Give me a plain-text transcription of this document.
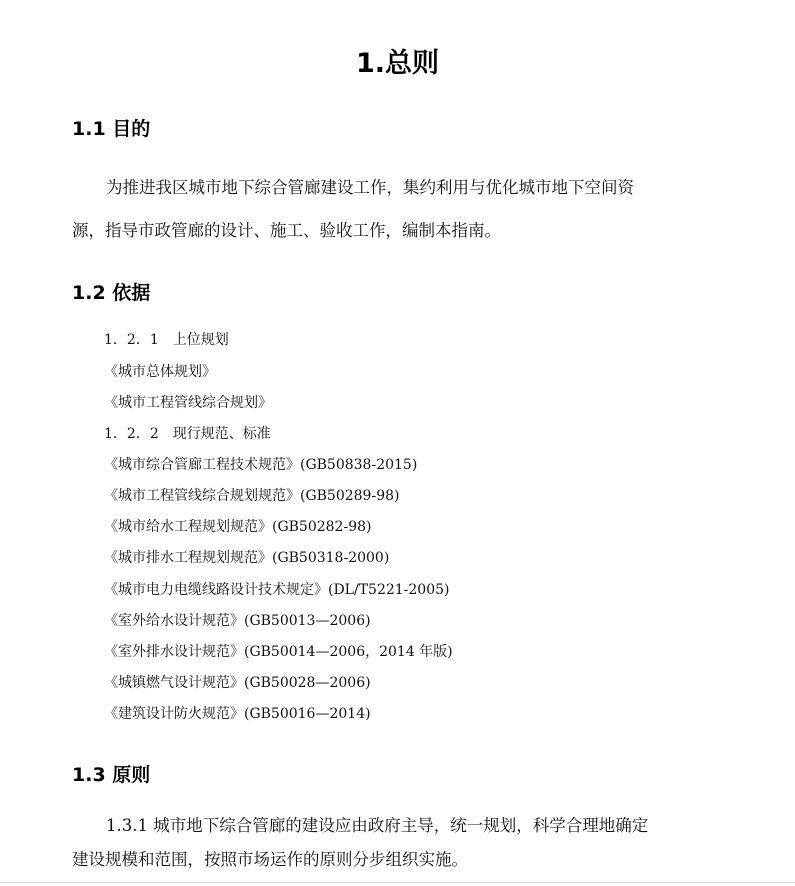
1.总则
1.1 目的
为推进我区城市地下综合管廊建设工作，集约利用与优化城市地下空间资
源，指导市政管廊的设计、施工、验收工作，编制本指南。
1.2 依据
1．2．1　上位规划
《城市总体规划》
《城市工程管线综合规划》
1．2．2　现行规范、标准
《城市综合管廊工程技术规范》(GB50838-2015)
《城市工程管线综合规划规范》(GB50289-98)
《城市给水工程规划规范》(GB50282-98)
《城市排水工程规划规范》(GB50318-2000)
《城市电力电缆线路设计技术规定》(DL/T5221-2005)
《室外给水设计规范》(GB50013—2006)
《室外排水设计规范》(GB50014—2006，2014 年版)
《城镇燃气设计规范》(GB50028—2006)
《建筑设计防火规范》(GB50016—2014)
1.3 原则
1.3.1 城市地下综合管廊的建设应由政府主导，统一规划，科学合理地确定
建设规模和范围，按照市场运作的原则分步组织实施。
